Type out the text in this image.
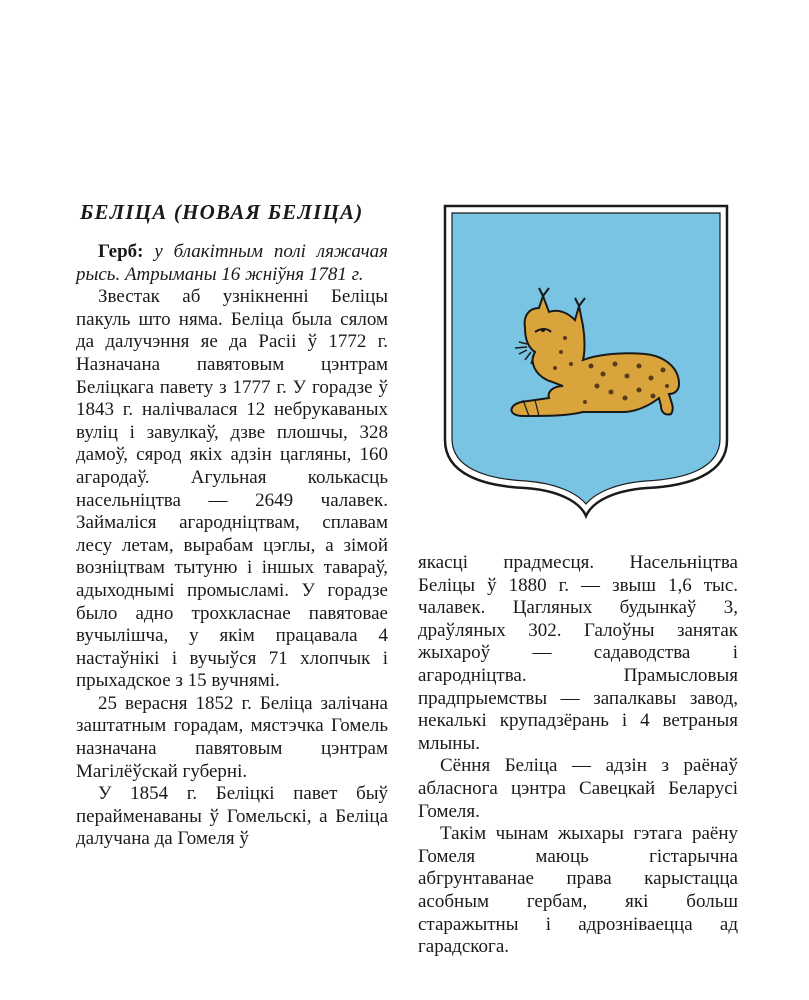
БЕЛІЦА (НОВАЯ БЕЛІЦА)

Герб: у блакітным полі ляжачая рысь. Атрыманы 16 жніўня 1781 г.

Звестак аб узнікненні Беліцы пакуль што няма. Беліца была сялом да далучэння яе да Расіі ў 1772 г. Назначана павятовым цэнтрам Беліцкага павету з 1777 г. У горадзе ў 1843 г. налічвалася 12 небрукаваных вуліц і завулкаў, дзве плошчы, 328 дамоў, сярод якіх адзін цагляны, 160 агародаў. Агульная колькасць насельніцтва — 2649 чалавек. Займаліся агародніцтвам, сплавам лесу летам, вырабам цэглы, а зімой возніцтвам тытуню і іншых тавараў, адыходнымі промысламі. У горадзе было адно трохкласнае павятовае вучылішча, у якім працавала 4 настаўнікі і вучыўся 71 хлопчык і прыхадское з 15 вучнямі.

25 верасня 1852 г. Беліца залічана заштатным горадам, мястэчка Гомель назначана павятовым цэнтрам Магілёўскай губерні.

У 1854 г. Беліцкі павет быў перайменаваны ў Гомельскі, а Беліца далучана да Гомеля ў

якасці прадмесця. Насельніцтва Беліцы ў 1880 г. — звыш 1,6 тыс. чалавек. Цагляных будынкаў 3, драўляных 302. Галоўны занятак жыхароў — садаводства і агародніцтва. Прамысловыя прадпрыемствы — запалкавы завод, некалькі крупадзёрань і 4 ветраныя млыны.

Сёння Беліца — адзін з раёнаў абласнога цэнтра Савецкай Беларусі Гомеля.

Такім чынам жыхары гэтага раёну Гомеля маюць гістарычна абгрунтаванае права карыстацца асобным гербам, які больш старажытны і адрозніваецца ад гарадскога.
